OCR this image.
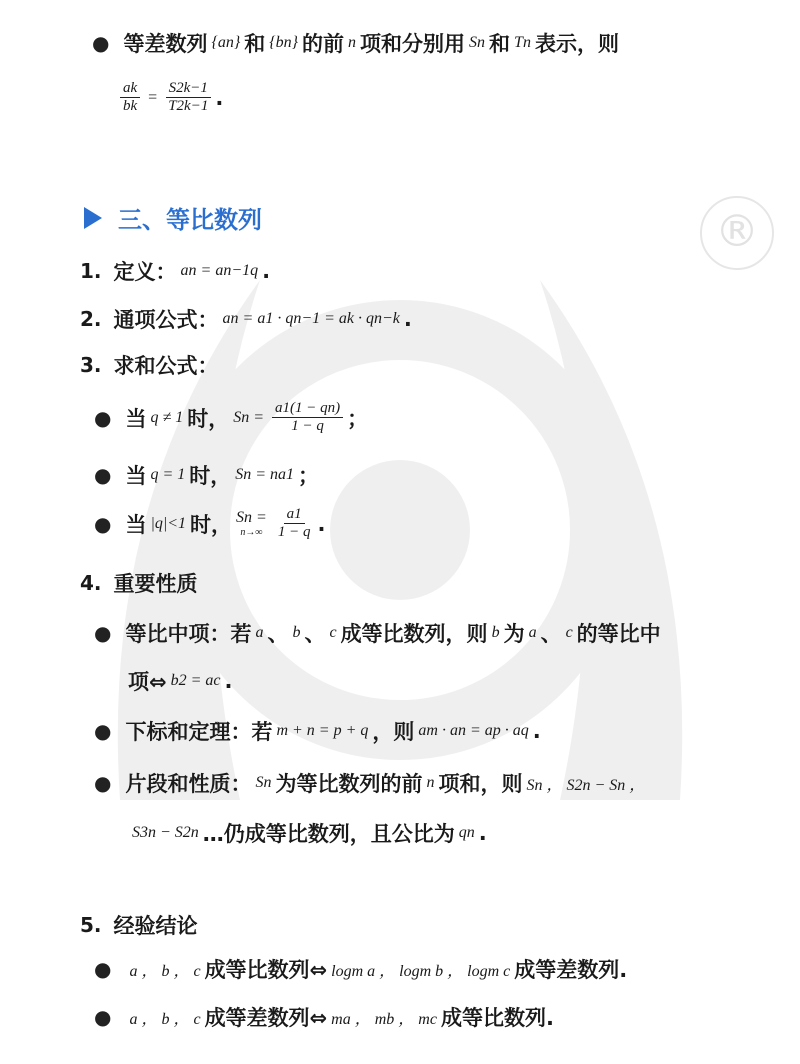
®
● 等差数列 {an} 和 {bn} 的前 n 项和分别用 Sn 和 Tn 表示，则
$\frac{ak}{bk} = \frac{S2k-1}{T2k-1}$ .
三、等比数列
1. 定义： an = an−1q .
2. 通项公式： an = a1 · qn−1 = ak · qn−k .
3. 求和公式：
● 当 q ≠ 1 时， $Sn = \frac{a1(1 - qn)}{1 - q}$ ；
● 当 q = 1 时， Sn = na1 ；
● 当 |q|<1 时， Sn =
$n\to\infty \frac{a1}{1 - q}$ .
4. 重要性质
● 等比中项：若 a 、 b 、 c 成等比数列，则 b 为 a 、 c 的等比中
项⇔ b2 = ac .
● 下标和定理：若 m + n = p + q ，则 am · an = ap · aq .
● 片段和性质： Sn 为等比数列的前 n 项和，则 Sn ， S2n − Sn ，
S3n − S2n …仍成等比数列，且公比为 qn .
5. 经验结论
● a ， b ， c 成等比数列⇔ logm a ， logm b ， logm c 成等差数列.
● a ， b ， c 成等差数列⇔ ma ， mb ， mc 成等比数列.
